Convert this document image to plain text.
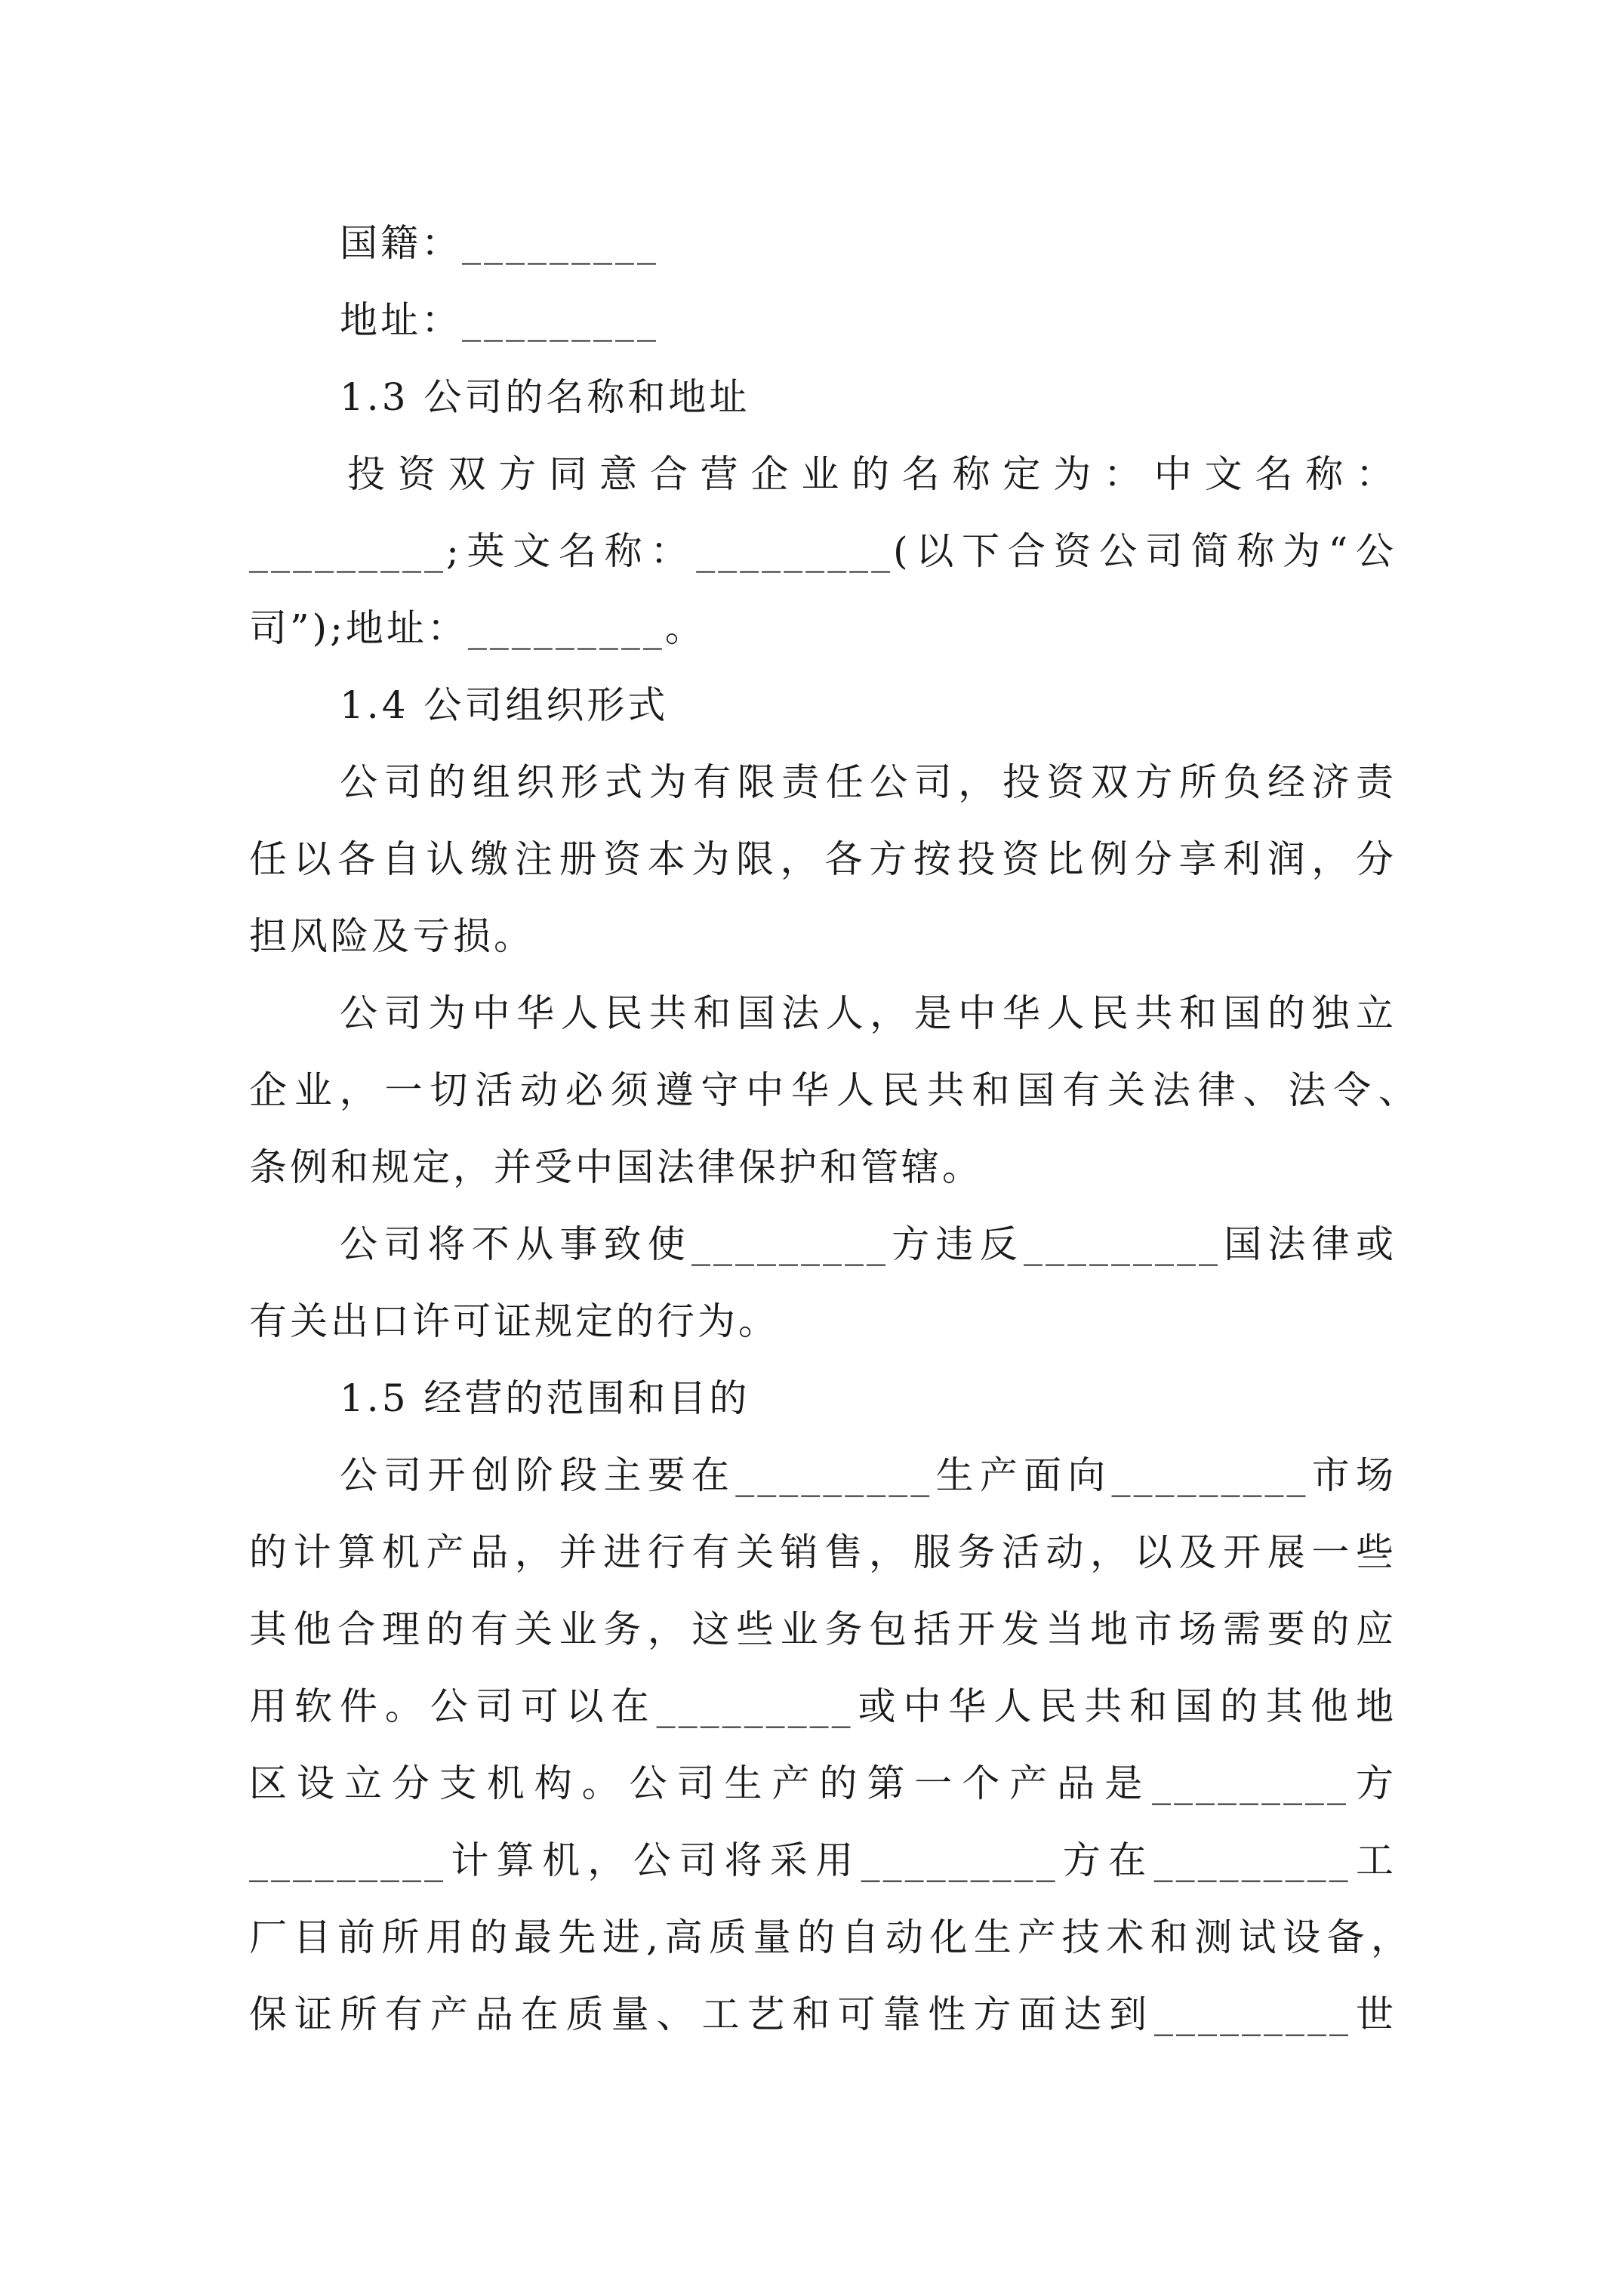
国籍：_________
地址：_________
1.3 公司的名称和地址
投资双方同意合营企业的名称定为：中文名称：
_________;英文名称：_________(以下合资公司简称为“公
司”);地址：_________。
1.4 公司组织形式
公司的组织形式为有限责任公司，投资双方所负经济责
任以各自认缴注册资本为限，各方按投资比例分享利润，分
担风险及亏损。
公司为中华人民共和国法人，是中华人民共和国的独立
企业，一切活动必须遵守中华人民共和国有关法律、法令、
条例和规定，并受中国法律保护和管辖。
公司将不从事致使_________方违反_________国法律或
有关出口许可证规定的行为。
1.5 经营的范围和目的
公司开创阶段主要在_________生产面向_________市场
的计算机产品，并进行有关销售，服务活动，以及开展一些
其他合理的有关业务，这些业务包括开发当地市场需要的应
用软件。公司可以在_________或中华人民共和国的其他地
区设立分支机构。公司生产的第一个产品是_________方
_________计算机，公司将采用_________方在_________工
厂目前所用的最先进,高质量的自动化生产技术和测试设备，
保证所有产品在质量、工艺和可靠性方面达到_________世
